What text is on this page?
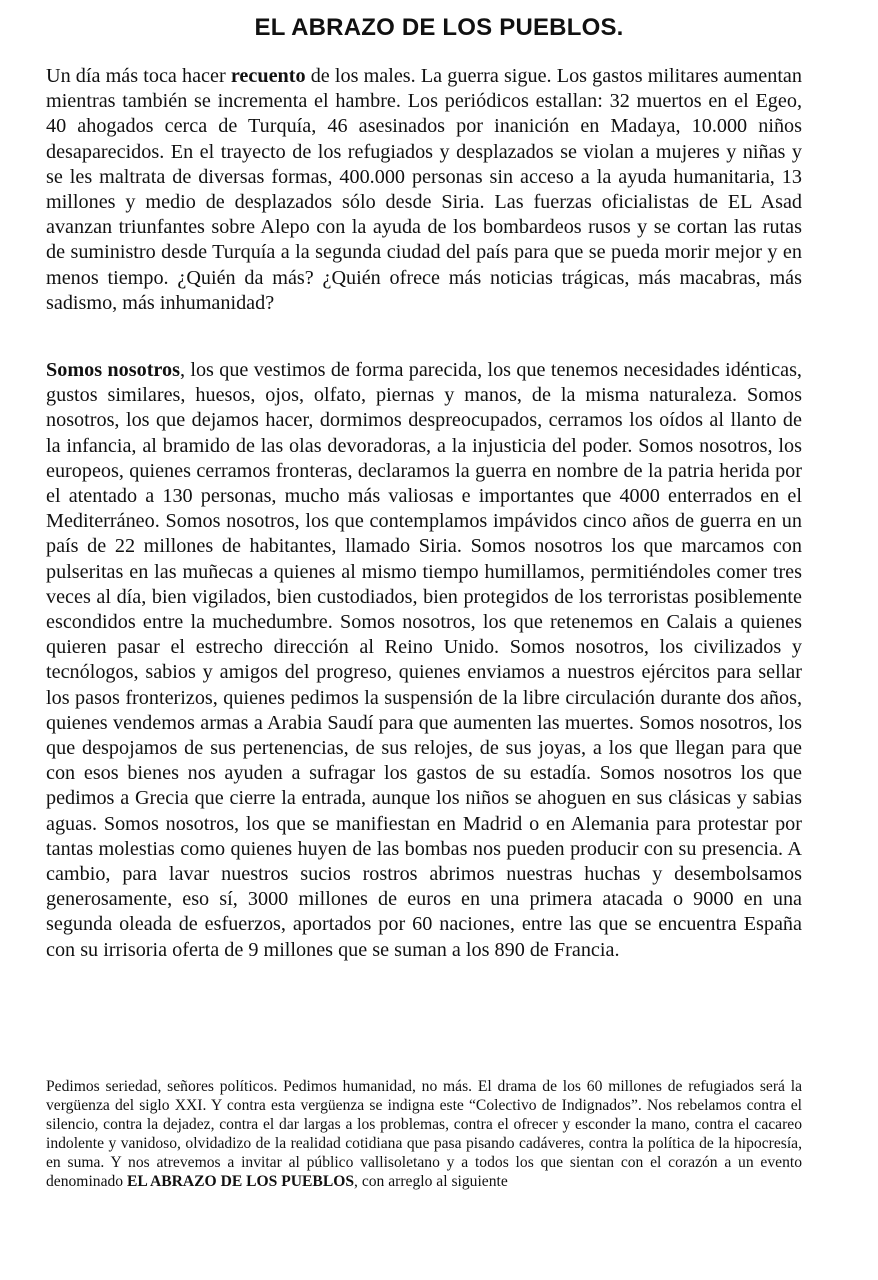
EL ABRAZO DE LOS PUEBLOS.

Un día más toca hacer recuento de los males. La guerra sigue. Los gastos militares aumentan mientras también se incrementa el hambre. Los periódicos estallan: 32 muertos en el Egeo, 40 ahogados cerca de Turquía, 46 asesinados por inanición en Madaya, 10.000 niños desaparecidos. En el trayecto de los refugiados y desplazados se violan a mujeres y niñas y se les maltrata de diversas formas, 400.000 personas sin acceso a la ayuda humanitaria, 13 millones y medio de desplazados sólo desde Siria. Las fuerzas oficialistas de EL Asad avanzan triunfantes sobre Alepo con la ayuda de los bombardeos rusos y se cortan las rutas de suministro desde Turquía a la segunda ciudad del país para que se pueda morir mejor y en menos tiempo. ¿Quién da más? ¿Quién ofrece más noticias trágicas, más macabras, más sadismo, más inhumanidad?

Somos nosotros, los que vestimos de forma parecida, los que tenemos necesidades idénticas, gustos similares, huesos, ojos, olfato, piernas y manos, de la misma naturaleza. Somos nosotros, los que dejamos hacer, dormimos despreocupados, cerramos los oídos al llanto de la infancia, al bramido de las olas devoradoras, a la injusticia del poder. Somos nosotros, los europeos, quienes cerramos fronteras, declaramos la guerra en nombre de la patria herida por el atentado a 130 personas, mucho más valiosas e importantes que 4000 enterrados en el Mediterráneo. Somos nosotros, los que contemplamos impávidos cinco años de guerra en un país de 22 millones de habitantes, llamado Siria. Somos nosotros los que marcamos con pulseritas en las muñecas a quienes al mismo tiempo humillamos, permitiéndoles comer tres veces al día, bien vigilados, bien custodiados, bien protegidos de los terroristas posiblemente escondidos entre la muchedumbre. Somos nosotros, los que retenemos en Calais a quienes quieren pasar el estrecho dirección al Reino Unido. Somos nosotros, los civilizados y tecnólogos, sabios y amigos del progreso, quienes enviamos a nuestros ejércitos para sellar los pasos fronterizos, quienes pedimos la suspensión de la libre circulación durante dos años, quienes vendemos armas a Arabia Saudí para que aumenten las muertes. Somos nosotros, los que despojamos de sus pertenencias, de sus relojes, de sus joyas, a los que llegan para que con esos bienes nos ayuden a sufragar los gastos de su estadía. Somos nosotros los que pedimos a Grecia que cierre la entrada, aunque los niños se ahoguen en sus clásicas y sabias aguas. Somos nosotros, los que se manifiestan en Madrid o en Alemania para protestar por tantas molestias como quienes huyen de las bombas nos pueden producir con su presencia. A cambio, para lavar nuestros sucios rostros abrimos nuestras huchas y desembolsamos generosamente, eso sí, 3000 millones de euros en una primera atacada o 9000 en una segunda oleada de esfuerzos, aportados por 60 naciones, entre las que se encuentra España con su irrisoria oferta de 9 millones que se suman a los 890 de Francia.

Pedimos seriedad, señores políticos. Pedimos humanidad, no más. El drama de los 60 millones de refugiados será la vergüenza del siglo XXI. Y contra esta vergüenza se indigna este “Colectivo de Indignados”. Nos rebelamos contra el silencio, contra la dejadez, contra el dar largas a los problemas, contra el ofrecer y esconder la mano, contra el cacareo indolente y vanidoso, olvidadizo de la realidad cotidiana que pasa pisando cadáveres, contra la política de la hipocresía, en suma. Y nos atrevemos a invitar al público vallisoletano y a todos los que sientan con el corazón a un evento denominado EL ABRAZO DE LOS PUEBLOS, con arreglo al siguiente
